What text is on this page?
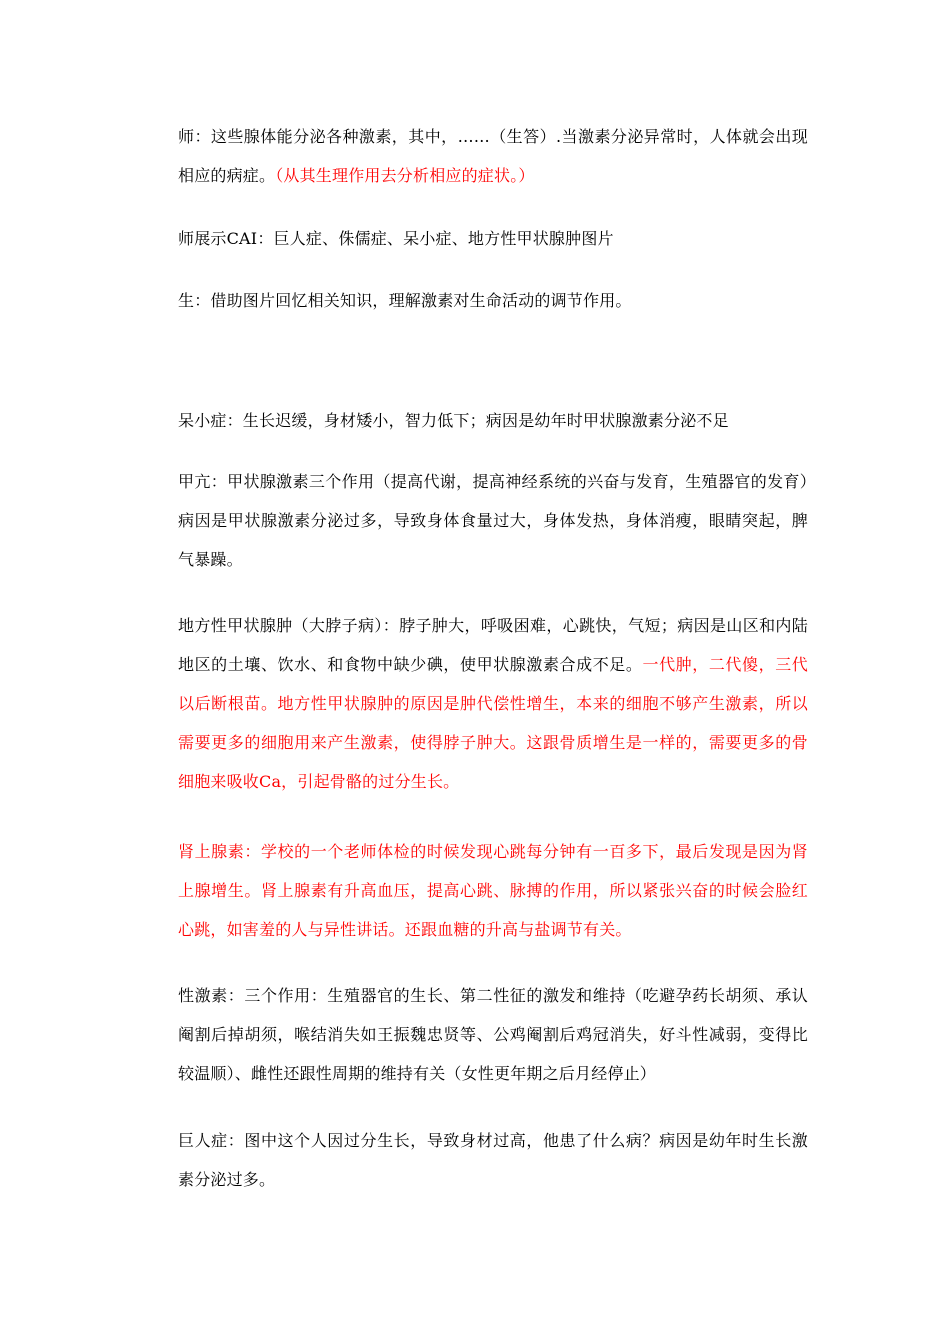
师：这些腺体能分泌各种激素，其中，……（生答）.当激素分泌异常时，人体就会出现相应的病症。（从其生理作用去分析相应的症状。）

师展示CAI：巨人症、侏儒症、呆小症、地方性甲状腺肿图片

生：借助图片回忆相关知识，理解激素对生命活动的调节作用。

呆小症：生长迟缓，身材矮小，智力低下；病因是幼年时甲状腺激素分泌不足

甲亢：甲状腺激素三个作用（提高代谢，提高神经系统的兴奋与发育，生殖器官的发育）病因是甲状腺激素分泌过多，导致身体食量过大，身体发热，身体消瘦，眼睛突起，脾气暴躁。

地方性甲状腺肿（大脖子病）：脖子肿大，呼吸困难，心跳快，气短；病因是山区和内陆地区的土壤、饮水、和食物中缺少碘，使甲状腺激素合成不足。一代肿，二代傻，三代以后断根苗。地方性甲状腺肿的原因是肿代偿性增生，本来的细胞不够产生激素，所以需要更多的细胞用来产生激素，使得脖子肿大。这跟骨质增生是一样的，需要更多的骨细胞来吸收Ca，引起骨骼的过分生长。

肾上腺素：学校的一个老师体检的时候发现心跳每分钟有一百多下，最后发现是因为肾上腺增生。肾上腺素有升高血压，提高心跳、脉搏的作用，所以紧张兴奋的时候会脸红心跳，如害羞的人与异性讲话。还跟血糖的升高与盐调节有关。

性激素：三个作用：生殖器官的生长、第二性征的激发和维持（吃避孕药长胡须、承认阉割后掉胡须，喉结消失如王振魏忠贤等、公鸡阉割后鸡冠消失，好斗性减弱，变得比较温顺）、雌性还跟性周期的维持有关（女性更年期之后月经停止）

巨人症：图中这个人因过分生长，导致身材过高，他患了什么病？病因是幼年时生长激素分泌过多。
